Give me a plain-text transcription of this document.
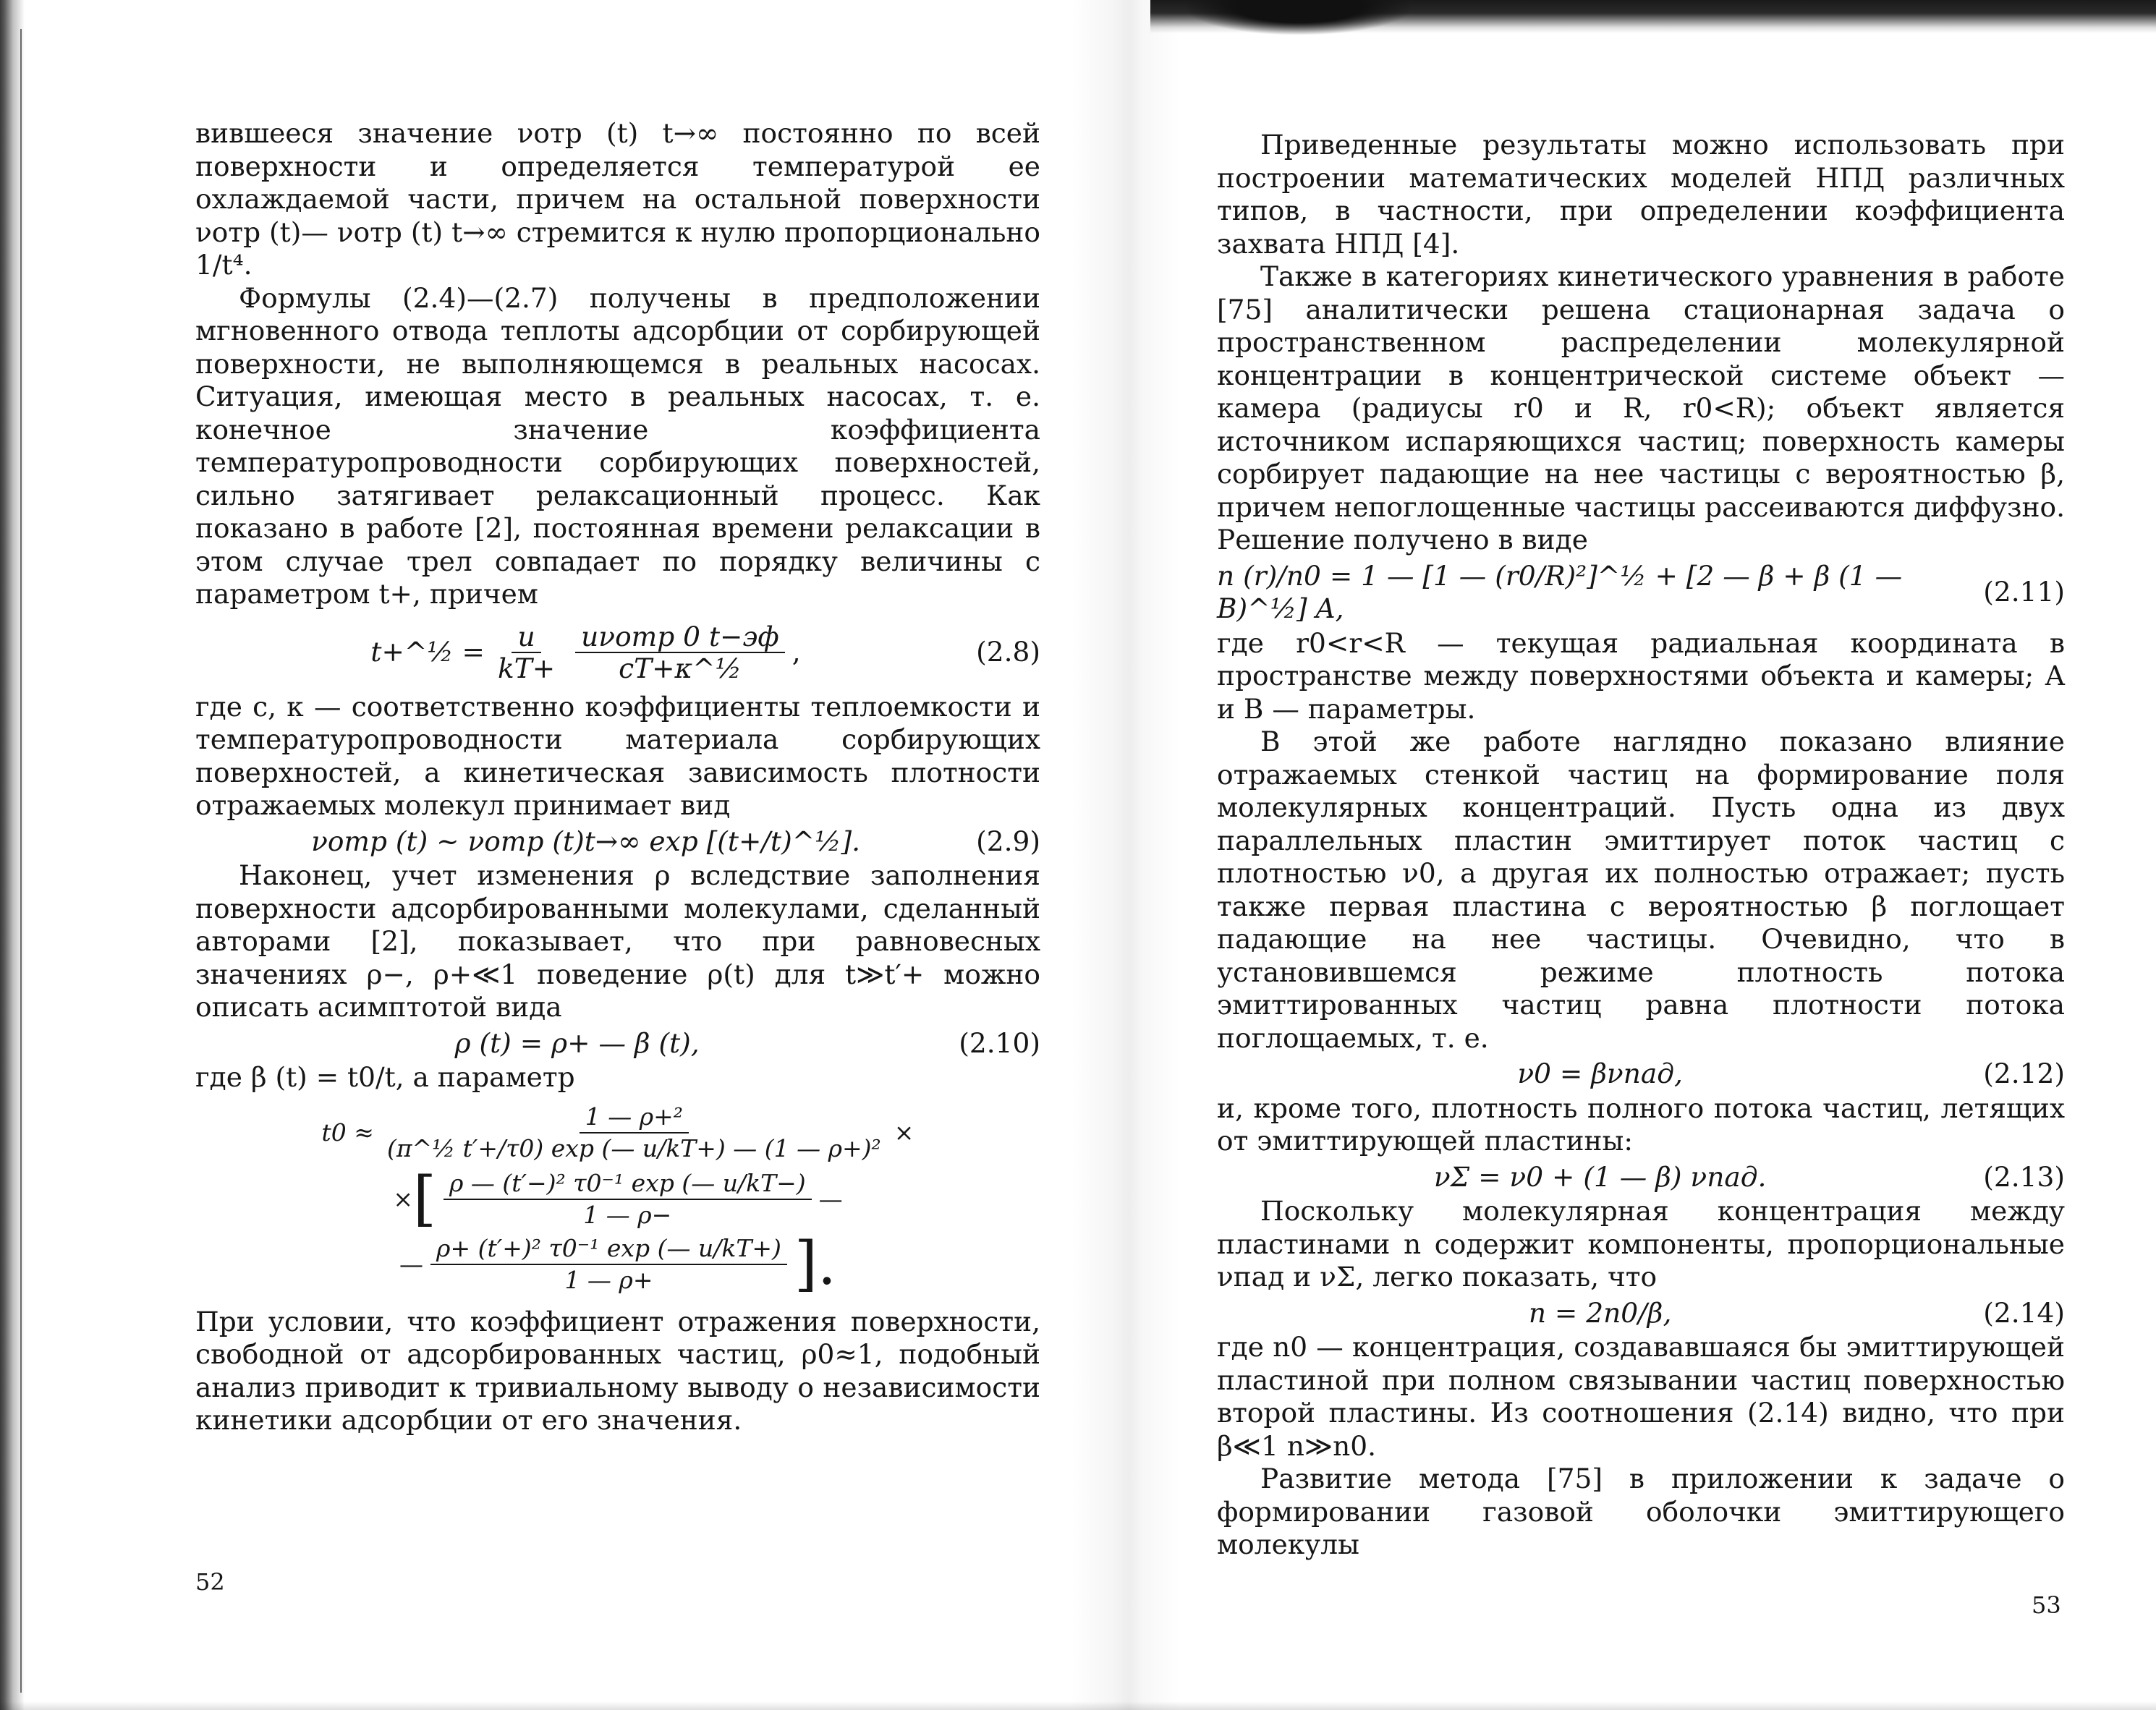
вившееся значение νотр (t) t→∞ постоянно по всей поверхности и определяется температурой ее охлаждаемой части, причем на остальной поверхности νотр (t)— νотр (t) t→∞ стремится к нулю пропорционально 1/t⁴.

Формулы (2.4)—(2.7) получены в предположении мгновенного отвода теплоты адсорбции от сорбирующей поверхности, не выполняющемся в реальных насосах. Ситуация, имеющая место в реальных насосах, т. е. конечное значение коэффициента температуропроводности сорбирующих поверхностей, сильно затягивает релаксационный процесс. Как показано в работе [2], постоянная времени релаксации в этом случае τрел совпадает по порядку величины с параметром t+, причем

t+^½ = $\frac{u}{kT+} \frac{\text{uνотр 0 t−эф}}{\text{cT+κ\textasciicircum{}½}}$ ,	(2.8)

где c, κ — соответственно коэффициенты теплоемкости и температуропроводности материала сорбирующих поверхностей, а кинетическая зависимость плотности отражаемых молекул принимает вид

νотр (t) ~ νотр (t)t→∞ exp [(t+/t)^½].	(2.9)

Наконец, учет изменения ρ вследствие заполнения поверхности адсорбированными молекулами, сделанный авторами [2], показывает, что при равновесных значениях ρ−, ρ+≪1 поведение ρ(t) для t≫t′+ можно описать асимптотой вида

ρ (t) = ρ+ — β (t),	(2.10)

где β (t) = t0/t, а параметр

$t0 \approx \frac{\text{1 — ρ+²}}{\text{(π\textasciicircum{}½ t′+/τ0) exp (— u/kT+) — (1 — ρ+)²}}$ ×
× [ $\frac{\text{ρ — (t′−)² τ0⁻¹ exp (— u/kT−)}}{1 — \rho-}$ —
— $\frac{\text{ρ+ (t′+)² τ0⁻¹ exp (— u/kT+)}}{1 — \rho+}$ ].

При условии, что коэффициент отражения поверхности, свободной от адсорбированных частиц, ρ0≈1, подобный анализ приводит к тривиальному выводу о независимости кинетики адсорбции от его значения.

52

Приведенные результаты можно использовать при построении математических моделей НПД различных типов, в частности, при определении коэффициента захвата НПД [4].

Также в категориях кинетического уравнения в работе [75] аналитически решена стационарная задача о пространственном распределении молекулярной концентрации в концентрической системе объект — камера (радиусы r0 и R, r0<R); объект является источником испаряющихся частиц; поверхность камеры сорбирует падающие на нее частицы с вероятностью β, причем непоглощенные частицы рассеиваются диффузно. Решение получено в виде

n (r)/n0 = 1 — [1 — (r0/R)²]^½ + [2 — β + β (1 — B)^½] A,
(2.11)

где r0<r<R — текущая радиальная координата в пространстве между поверхностями объекта и камеры; A и B — параметры.

В этой же работе наглядно показано влияние отражаемых стенкой частиц на формирование поля молекулярных концентраций. Пусть одна из двух параллельных пластин эмиттирует поток частиц с плотностью ν0, а другая их полностью отражает; пусть также первая пластина с вероятностью β поглощает падающие на нее частицы. Очевидно, что в установившемся режиме плотность потока эмиттированных частиц равна плотности потока поглощаемых, т. е.

ν0 = βνпад,	(2.12)

и, кроме того, плотность полного потока частиц, летящих от эмиттирующей пластины:

νΣ = ν0 + (1 — β) νпад.	(2.13)

Поскольку молекулярная концентрация между пластинами n содержит компоненты, пропорциональные νпад и νΣ, легко показать, что

n = 2n0/β,	(2.14)

где n0 — концентрация, создававшаяся бы эмиттирующей пластиной при полном связывании частиц поверхностью второй пластины. Из соотношения (2.14) видно, что при β≪1 n≫n0.

Развитие метода [75] в приложении к задаче о формировании газовой оболочки эмиттирующего молекулы

53
